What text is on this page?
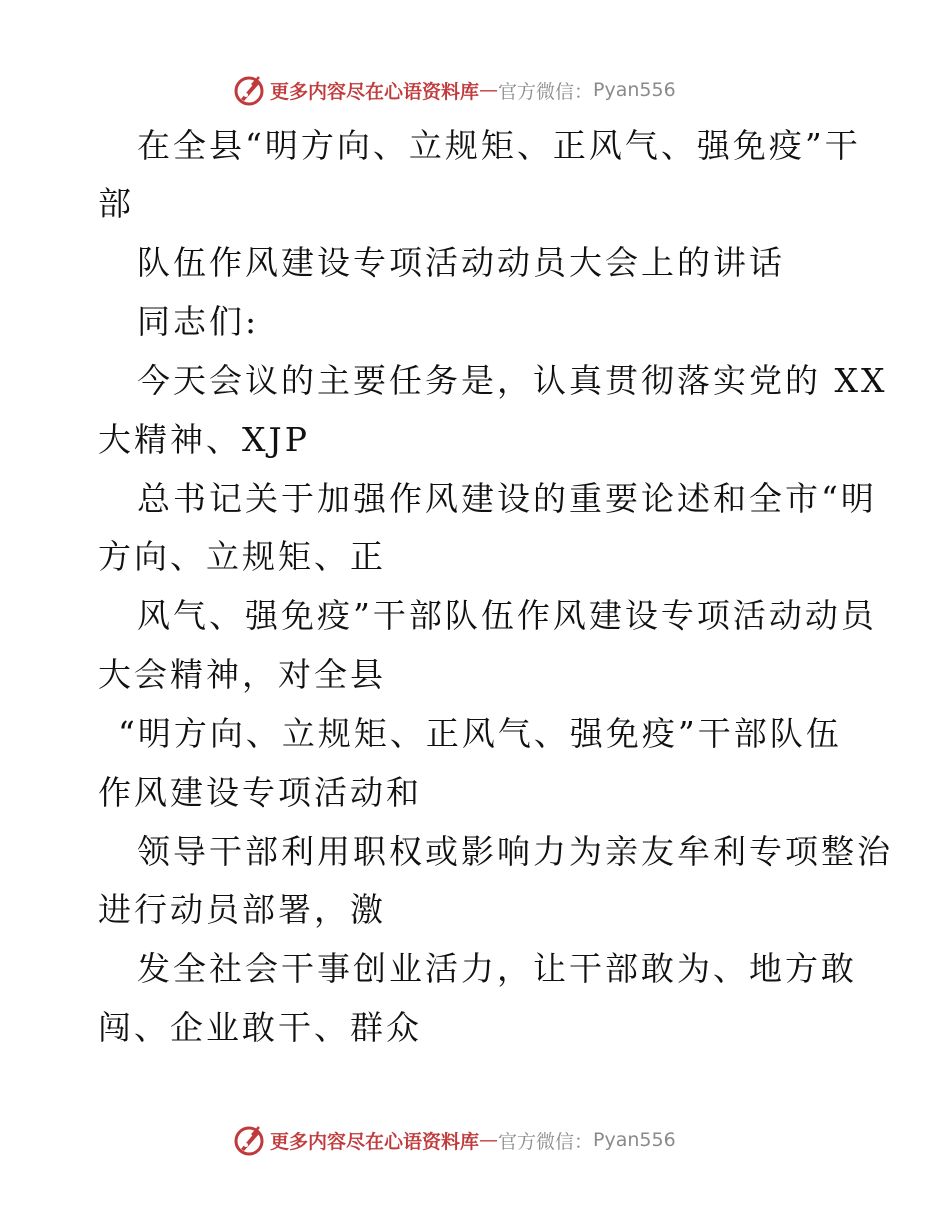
更多内容尽在心语资料库 — 官方微信： Pyan556
在全县“明方向、立规矩、正风气、强免疫”干
部
队伍作风建设专项活动动员大会上的讲话
同志们:
今天会议的主要任务是，认真贯彻落实党的 XX
大精神、XJP
总书记关于加强作风建设的重要论述和全市“明
方向、立规矩、正
风气、强免疫”干部队伍作风建设专项活动动员
大会精神，对全县
“明方向、立规矩、正风气、强免疫”干部队伍
作风建设专项活动和
领导干部利用职权或影响力为亲友牟利专项整治
进行动员部署，激
发全社会干事创业活力，让干部敢为、地方敢
闯、企业敢干、群众
更多内容尽在心语资料库 — 官方微信： Pyan556
